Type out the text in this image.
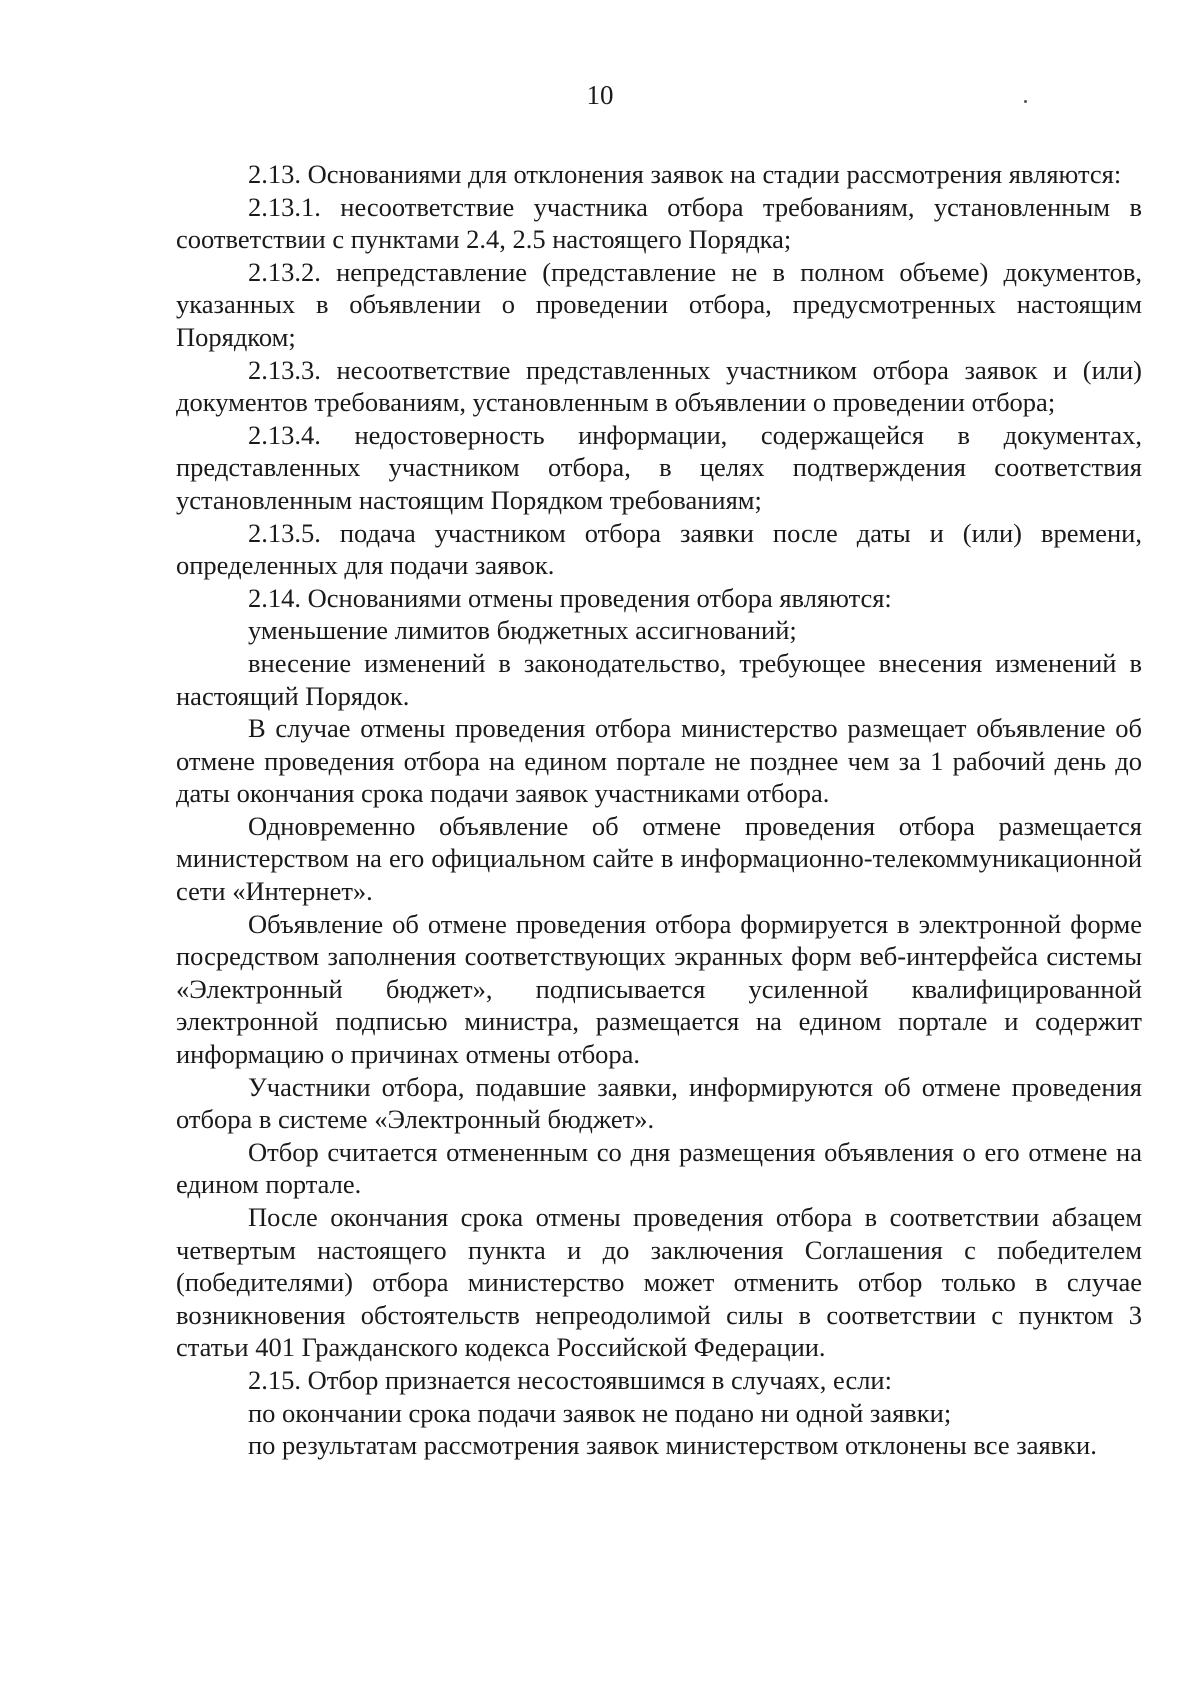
10

2.13. Основаниями для отклонения заявок на стадии рассмотрения являются:

2.13.1. несоответствие участника отбора требованиям, установленным в соответствии с пунктами 2.4, 2.5 настоящего Порядка;

2.13.2. непредставление (представление не в полном объеме) документов, указанных в объявлении о проведении отбора, предусмотренных настоящим Порядком;

2.13.3. несоответствие представленных участником отбора заявок и (или) документов требованиям, установленным в объявлении о проведении отбора;

2.13.4. недостоверность информации, содержащейся в документах, представленных участником отбора, в целях подтверждения соответствия установленным настоящим Порядком требованиям;

2.13.5. подача участником отбора заявки после даты и (или) времени, определенных для подачи заявок.

2.14. Основаниями отмены проведения отбора являются:

уменьшение лимитов бюджетных ассигнований;

внесение изменений в законодательство, требующее внесения изменений в настоящий Порядок.

В случае отмены проведения отбора министерство размещает объявление об отмене проведения отбора на едином портале не позднее чем за 1 рабочий день до даты окончания срока подачи заявок участниками отбора.

Одновременно объявление об отмене проведения отбора размещается министерством на его официальном сайте в информационно-телекоммуникационной сети «Интернет».

Объявление об отмене проведения отбора формируется в электронной форме посредством заполнения соответствующих экранных форм веб-интерфейса системы «Электронный бюджет», подписывается усиленной квалифицированной электронной подписью министра, размещается на едином портале и содержит информацию о причинах отмены отбора.

Участники отбора, подавшие заявки, информируются об отмене проведения отбора в системе «Электронный бюджет».

Отбор считается отмененным со дня размещения объявления о его отмене на едином портале.

После окончания срока отмены проведения отбора в соответствии абзацем четвертым настоящего пункта и до заключения Соглашения с победителем (победителями) отбора министерство может отменить отбор только в случае возникновения обстоятельств непреодолимой силы в соответствии с пунктом 3 статьи 401 Гражданского кодекса Российской Федерации.

2.15. Отбор признается несостоявшимся в случаях, если:

по окончании срока подачи заявок не подано ни одной заявки;

по результатам рассмотрения заявок министерством отклонены все заявки.
